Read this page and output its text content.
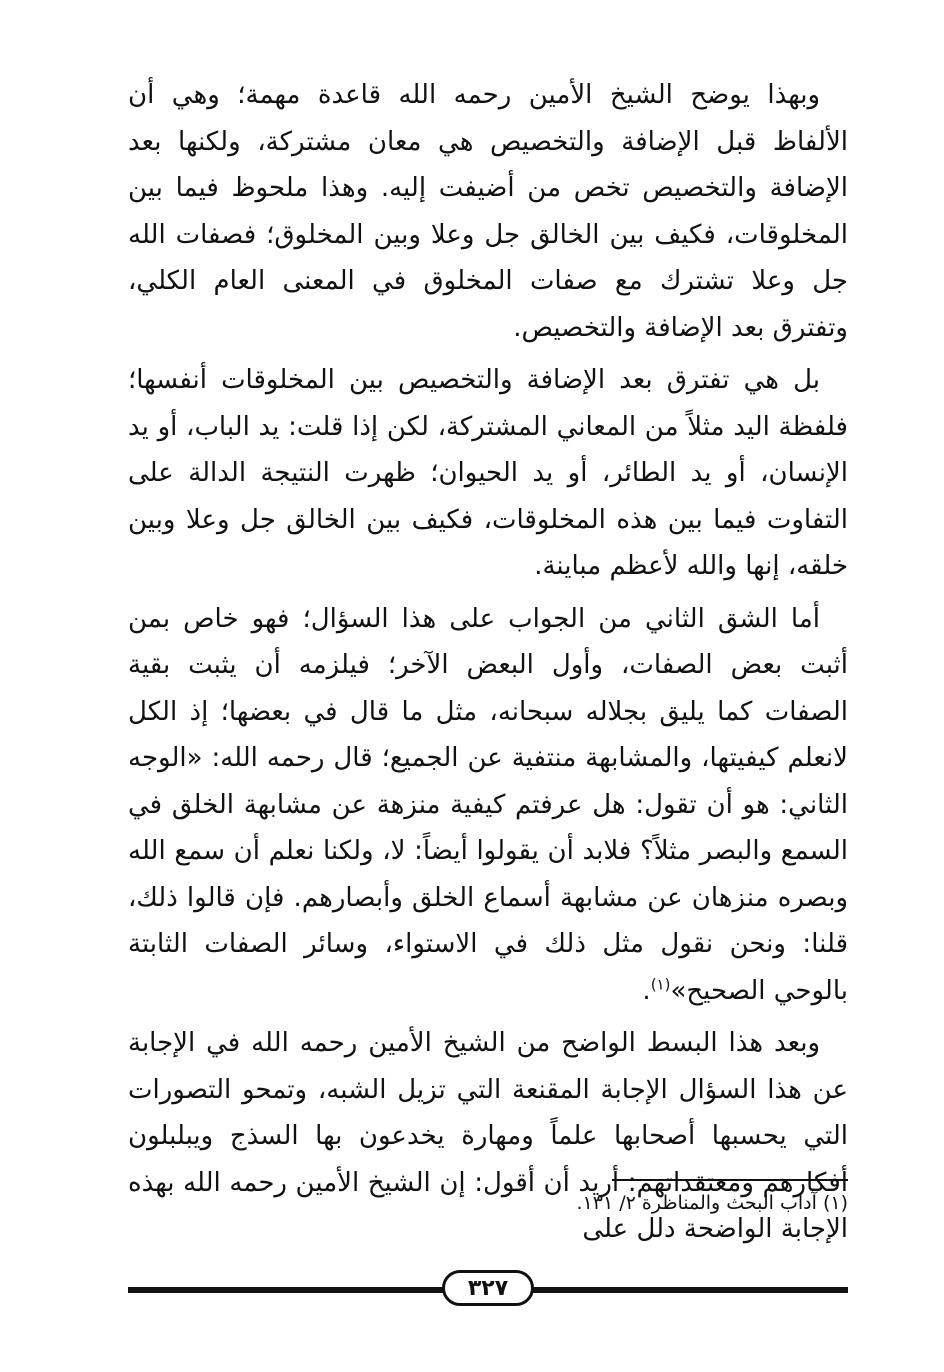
وبهذا يوضح الشيخ الأمين رحمه الله قاعدة مهمة؛ وهي أن الألفاظ قبل الإضافة والتخصيص هي معان مشتركة، ولكنها بعد الإضافة والتخصيص تخص من أضيفت إليه. وهذا ملحوظ فيما بين المخلوقات، فكيف بين الخالق جل وعلا وبين المخلوق؛ فصفات الله جل وعلا تشترك مع صفات المخلوق في المعنى العام الكلي، وتفترق بعد الإضافة والتخصيص.

بل هي تفترق بعد الإضافة والتخصيص بين المخلوقات أنفسها؛ فلفظة اليد مثلاً من المعاني المشتركة، لكن إذا قلت: يد الباب، أو يد الإنسان، أو يد الطائر، أو يد الحيوان؛ ظهرت النتيجة الدالة على التفاوت فيما بين هذه المخلوقات، فكيف بين الخالق جل وعلا وبين خلقه، إنها والله لأعظم مباينة.

أما الشق الثاني من الجواب على هذا السؤال؛ فهو خاص بمن أثبت بعض الصفات، وأول البعض الآخر؛ فيلزمه أن يثبت بقية الصفات كما يليق بجلاله سبحانه، مثل ما قال في بعضها؛ إذ الكل لانعلم كيفيتها، والمشابهة منتفية عن الجميع؛ قال رحمه الله: «الوجه الثاني: هو أن تقول: هل عرفتم كيفية منزهة عن مشابهة الخلق في السمع والبصر مثلاً؟ فلابد أن يقولوا أيضاً: لا، ولكنا نعلم أن سمع الله وبصره منزهان عن مشابهة أسماع الخلق وأبصارهم. فإن قالوا ذلك، قلنا: ونحن نقول مثل ذلك في الاستواء، وسائر الصفات الثابتة بالوحي الصحيح»$^{(١)}$.

وبعد هذا البسط الواضح من الشيخ الأمين رحمه الله في الإجابة عن هذا السؤال الإجابة المقنعة التي تزيل الشبه، وتمحو التصورات التي يحسبها أصحابها علماً ومهارة يخدعون بها السذج ويبلبلون أفكارهم ومعتقداتهم: أريد أن أقول: إن الشيخ الأمين رحمه الله بهذه الإجابة الواضحة دلل على

(١) آداب البحث والمناظرة ٢/ ١٣١.
٣٢٧
